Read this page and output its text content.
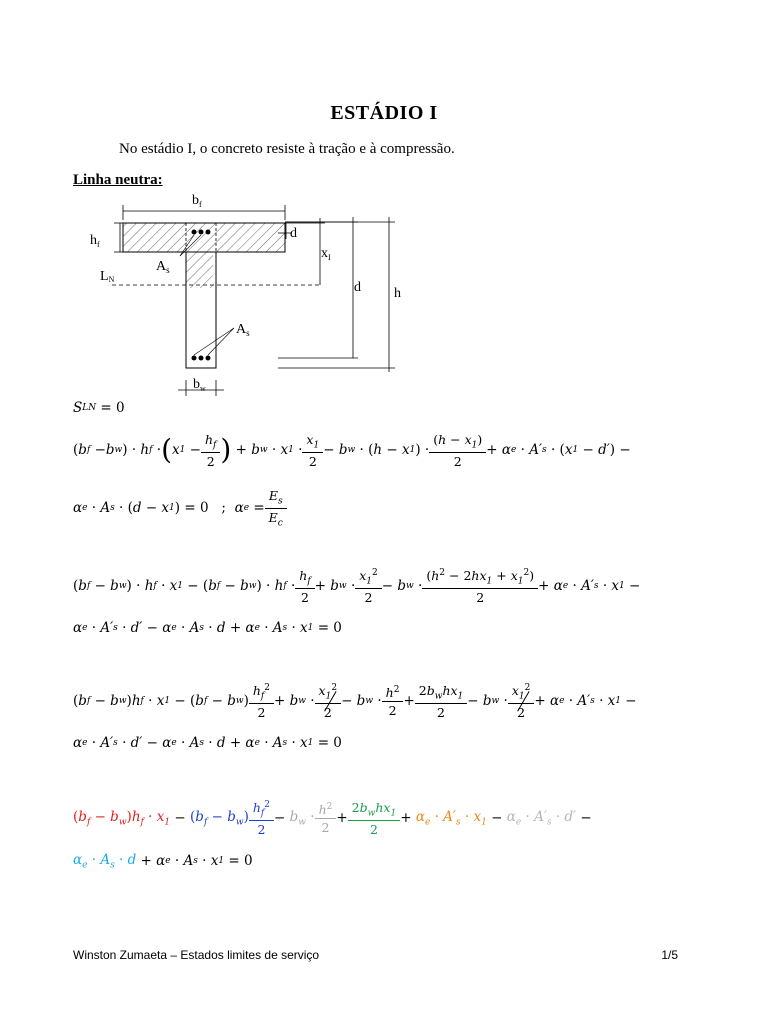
ESTÁDIO I
No estádio I, o concreto resiste à tração e à compressão.
Linha neutra:
$b_f$
$h_f$
d
$x_I$
$A_s$
LN
d h
$A_s$
$b_w$
S LN
= 0
( b f
− b w )
· h f
· ( x 1
− $\frac{h_f}{2}$ )
+ b w
· x 1
· $\frac{x_1}{2} - b$ w
·
( h − x 1 )
· $\frac{(h - x_1)}{2} + \alpha$ e
· A′ s
·
( x 1
− d′ )
−
α e
· A s
·
( d − x 1 )
= 0   ; α e
= $\frac{E_s}{E_c}$
( b f
− b w )
· h f
· x 1
−
( b f
− b w )
· h f
· $\frac{h_f}{2} + b$ w
· $\frac{x_1^2}{2} - b$ w
· $\frac{(h^2 - 2hx_1 + x_1^2)}{2} + \alpha$ e
· A′ s
· x 1
−
α e
· A′ s
· d′ − α e
· A s
· d + α e
· A s
· x 1
= 0
( b f
− b w ) h f
· x 1
−
( b f
− b w ) $\frac{h_f^2}{2} + b$ w
· $\frac{x_1^2}{2} - b$ w
· $\frac{h^2}{2} + \frac{2b_whx_1}{2} - b$ w
· $\frac{x_1^2}{2} + \alpha$ e
· A′ s
· x 1
−
α e
· A′ s
· d′ − α e
· A s
· d + α e
· A s
· x 1
= 0
$(b_f - b_w)h_f \cdot x_1$
−
$(b_f - b_w) \frac{h_f^2}{2}$ −
$b_w \cdot \frac{h^2}{2} + \frac{2b_whx_1}{2}$ +
$\alpha_e \cdot A'_s \cdot x_1$
−
$\alpha_e \cdot A'_s \cdot d'$
−
$\alpha_e \cdot A_s \cdot d$
+ α e
· A s
· x 1
= 0
Winston Zumaeta – Estados limites de serviço	1/5
